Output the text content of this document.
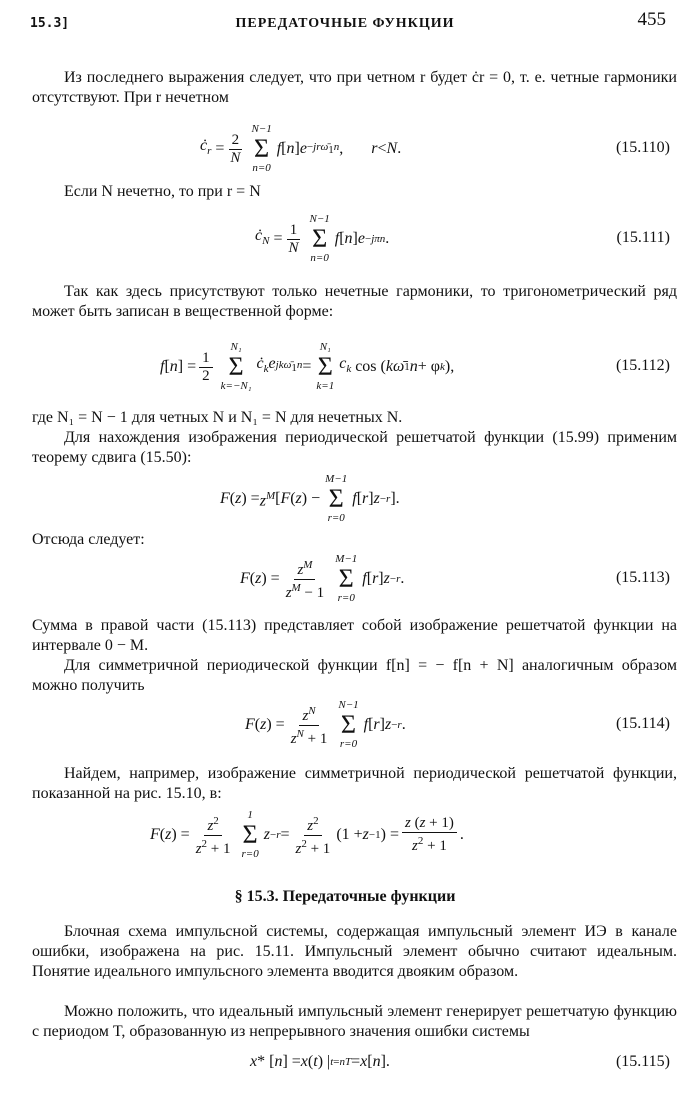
15.3]	ПЕРЕДАТОЧНЫЕ ФУНКЦИИ	455
Из последнего выражения следует, что при четном r будет ċr = 0, т. е. четные гармоники отсутствуют. При r нечетном
$ċ_r = \frac{2}{N}$
N−1
Σ
n=0
f [ n ] $e -jr\omegā_1n$ , r < N .	(15.110)
Если N нечетно, то при r = N
$ċ_N = \frac{1}{N}$
N−1
Σ
n=0
f [ n ] e −jπn .	(15.111)
Так как здесь присутствуют только нечетные гармоники, то тригонометрический ряд может быть записан в вещественной форме:
f [ n ] = $\frac{1}{2}$
N₁
Σ
k=−N₁
$ċ_ke$ $jk\omegā_1n$ =
N₁
Σ
k=1
$c_k$ cos ( kω̄ 1 n + φ k ),	(15.112)
где N₁ = N − 1 для четных N и N₁ = N для нечетных N.
Для нахождения изображения периодической решетчатой функции (15.99) применим теорему сдвига (15.50):
F ( z ) = $z^M$ [ F ( z ) −
M−1
Σ
r=0
f [ r ] z −r ].
Отсюда следует:
F ( z ) = $\frac{z^M}{z^M - 1} M-1$
Σ
r=0
f [ r ] z −r .	(15.113)
Сумма в правой части (15.113) представляет собой изображение решетчатой функции на интервале 0 − M.
Для симметричной периодической функции f[n] = − f[n + N] аналогичным образом можно получить
F ( z ) = $\frac{z^N}{z^N + 1} N-1$
Σ
r=0
f [ r ] z −r .	(15.114)
Найдем, например, изображение симметричной периодической решетчатой функции, показанной на рис. 15.10, в:
F ( z ) = $\frac{z^2}{z^2 + 1} 1$
Σ
r=0
$z -r = \frac{z^2}{z^2 + 1} (1 + z -1$ ) = $\frac{z (z + 1)}{z^2 + 1}$ .
§ 15.3. Передаточные функции
Блочная схема импульсной системы, содержащая импульсный элемент ИЭ в канале ошибки, изображена на рис. 15.11. Импульсный элемент обычно считают идеальным. Понятие идеального импульсного элемента вводится двояким образом.
Можно положить, что идеальный импульсный элемент генерирует решетчатую функцию с периодом T, образованную из непрерывного значения ошибки системы
x * [ n ] = x ( t ) | t=nT = x [ n ].	(15.115)
